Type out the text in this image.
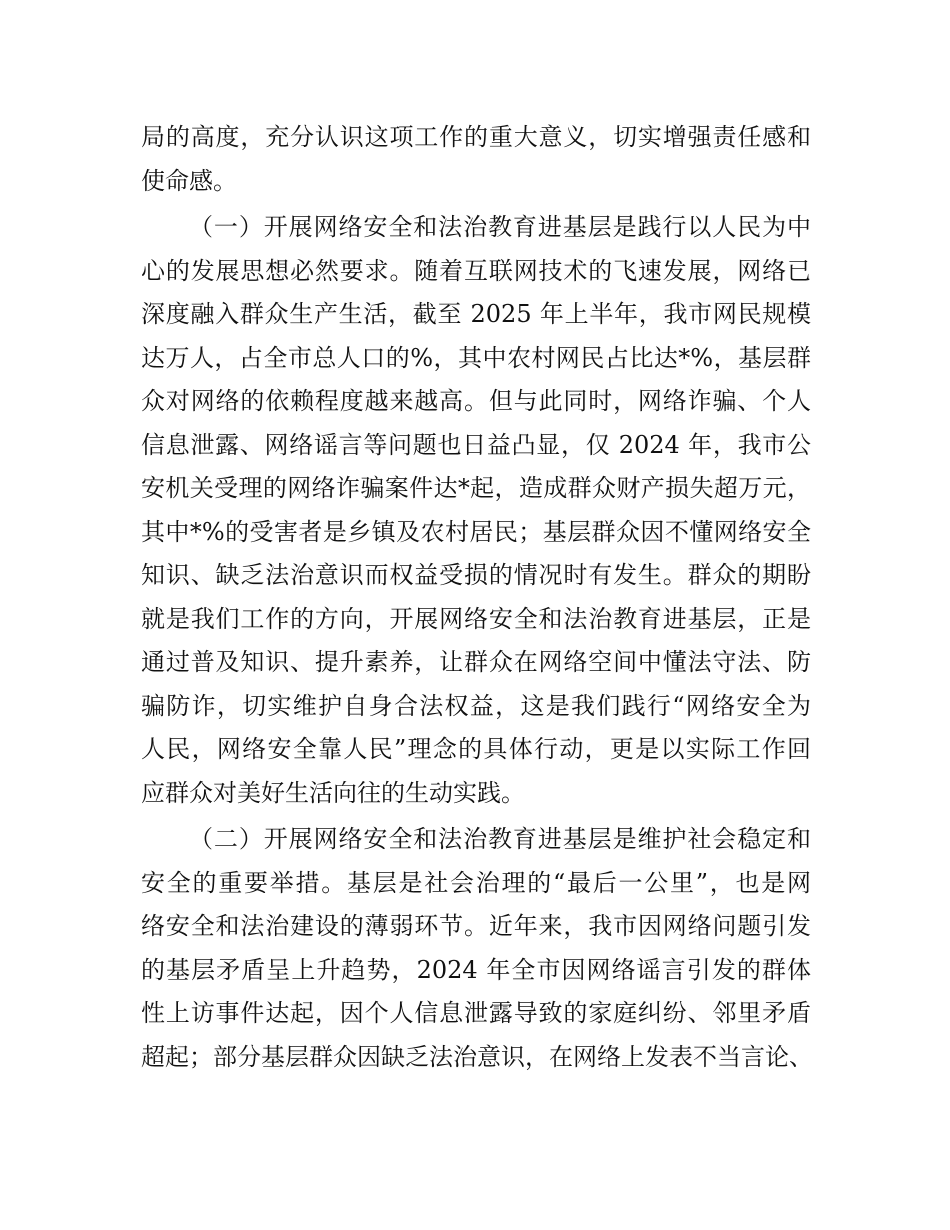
局的高度，充分认识这项工作的重大意义，切实增强责任感和
使命感。
（一）开展网络安全和法治教育进基层是践行以人民为中
心的发展思想必然要求。随着互联网技术的飞速发展，网络已
深度融入群众生产生活，截至 2025 年上半年，我市网民规模
达万人，占全市总人口的%，其中农村网民占比达*%，基层群
众对网络的依赖程度越来越高。但与此同时，网络诈骗、个人
信息泄露、网络谣言等问题也日益凸显，仅 2024 年，我市公
安机关受理的网络诈骗案件达*起，造成群众财产损失超万元，
其中*%的受害者是乡镇及农村居民；基层群众因不懂网络安全
知识、缺乏法治意识而权益受损的情况时有发生。群众的期盼
就是我们工作的方向，开展网络安全和法治教育进基层，正是
通过普及知识、提升素养，让群众在网络空间中懂法守法、防
骗防诈，切实维护自身合法权益，这是我们践行“网络安全为
人民，网络安全靠人民”理念的具体行动，更是以实际工作回
应群众对美好生活向往的生动实践。
（二）开展网络安全和法治教育进基层是维护社会稳定和
安全的重要举措。基层是社会治理的“最后一公里”，也是网
络安全和法治建设的薄弱环节。近年来，我市因网络问题引发
的基层矛盾呈上升趋势，2024 年全市因网络谣言引发的群体
性上访事件达起，因个人信息泄露导致的家庭纠纷、邻里矛盾
超起；部分基层群众因缺乏法治意识，在网络上发表不当言论、
